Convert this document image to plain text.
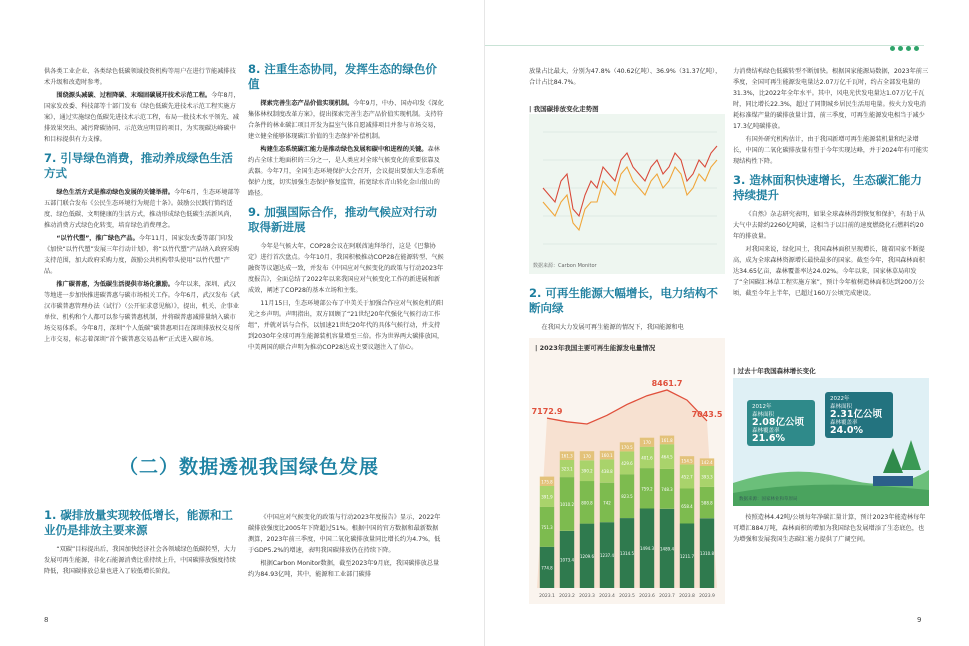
供各类工业企业、各类绿色低碳领域投资机构等用户在进行节能减排技术升级和改造时参考。

围绕源头减碳、过程降碳、末端固碳展开技术示范工程。今年8月，国家发改委、科技部等十部门发布《绿色低碳先进技术示范工程实施方案》，通过实施绿色低碳先进技术示范工程，布局一批技术水平领先、减排效果突出、减污降碳协同、示范效应明显的项目，为实现碳达峰碳中和目标提供有力支撑。

7. 引导绿色消费，推动养成绿色生活方式

绿色生活方式是推动绿色发展的关键举措。今年6月，生态环境部等五部门联合发布《公民生态环境行为规范十条》。鼓励公民践行简约适度、绿色低碳、文明健康的生活方式，推动形成绿色低碳生活新风尚，推动消费方式绿色化转变，培育绿色消费理念。

“以竹代塑”，推广绿色产品。今年11月，国家发改委等部门印发《加快“以竹代塑”发展三年行动计划》，将“以竹代塑”产品纳入政府采购支持范围，加大政府采购力度，鼓励公共机构带头使用“以竹代塑”产品。

推广碳普惠，为低碳生活提供市场化激励。今年以来，深圳、武汉等地进一步加快推进碳普惠与碳市场相关工作。今年6月，武汉发布《武汉市碳普惠管理办法（试行）（公开征求意见稿）》，提出，机关、企事业单位、机构和个人都可以参与碳普惠机制，并将碳普惠减排量纳入碳市场交易体系。今年8月，深圳“个人低碳”碳普惠项目在深圳排放权交易所上市交易，标志着深圳“首个碳普惠交易品种”正式进入碳市场。

8. 注重生态协同，发挥生态的绿色价值

探索完善生态产品价值实现机制。今年9月，中办、国办印发《深化集体林权制度改革方案》，提出探索完善生态产品价值实现机制。支持符合条件的林业碳汇项目开发为温室气体自愿减排项目并参与市场交易，建立健全能够体现碳汇价值的生态保护补偿机制。

构建生态系统碳汇能力是推动绿色发展和碳中和进程的关键。森林约占全球土地面积的三分之一，是人类应对全球气候变化的重要依靠及武器。今年7月，全国生态环境保护大会召开，会议提出要加大生态系统保护力度，切实加强生态保护修复监管，拓宽绿水青山转化金山银山的路径。

9. 加强国际合作，推动气候应对行动取得新进展

今年是气候大年，COP28会议在阿联酋迪拜举行，这是《巴黎协定》进行首次盘点。今年10月，我国积极推动COP28在能源转型、气候融资等议题达成一致，并发布《中国应对气候变化的政策与行动2023年度报告》，全面总结了2022年以来我国应对气候变化工作的新进展和新成效，阐述了COP28的基本立场和主张。

11月15日，生态环境部公布了中美关于加强合作应对气候危机的阳光之乡声明。声明指出，双方回顾了“21世纪20年代强化气候行动工作组”，并就对话与合作，以加速21世纪20年代的具体气候行动，并支持到2030年全球可再生能源装机容量增至三倍。作为世界两大碳排放国，中美两国的联合声明为推动COP28达成主要议题注入了信心。

（二）数据透视我国绿色发展
1. 碳排放量实现较低增长，能源和工业仍是排放主要来源

“双碳”目标提出后，我国加快经济社会各领域绿色低碳转型，大力发展可再生能源，非化石能源消费比重持续上升，中国碳排放强度持续降低，我国碳排放总量也进入了较低增长阶段。

《中国应对气候变化的政策与行动2023年度报告》显示，2022年碳排放强度比2005年下降超过51%。根据中国的官方数据和最新数据测算，2023年前三季度，中国二氧化碳排放量同比增长约为4.7%，低于GDP5.2%的增速，表明我国碳排放仍在持续下降。

根据Carbon Monitor数据，截至2023年9月底，我国碳排放总量约为84.93亿吨，其中，能源和工业部门碳排

8

放量占比最大，分别为47.8%（40.62亿吨）、36.9%（31.37亿吨），合计占比84.7%。

| 我国碳排放变化走势图
数据来源：Carbon Monitor
2. 可再生能源大幅增长，电力结构不断向绿

在我国大力发展可再生能源的情况下，我国能源和电

| 2023年我国主要可再生能源发电量情况
7172.9
8461.7
7043.5
774.8
751.3
391.9
175.8
2023.1
1073.4
1010.2
323.1
161.3
2023.2
1209.6
800.8
390.2
170
2023.3
1237.4
742
438.8
160.1
2023.4
1314.5
823.5
429.6
170.5
2023.5
1494.3
759.2
401.6
170
2023.6
1489.4
748.3
464.5
161.8
2023.7
1211.7
658.4
452.7
154.5
2023.8
1310.8
588.8
393.3
142.4
2023.9

力消费结构绿色低碳转型不断加快。根据国家能源局数据，2023年前三季度，全国可再生能源发电量达2.07万亿千瓦时，约占全部发电量的31.3%，比2022年全年水平。其中，风电光伏发电量达1.07万亿千瓦时，同比增长22.3%，超过了同期城乡居民生活用电量。按火力发电消耗标准煤产量的碳排放量计算，前三季度，可再生能源发电相当于减少17.3亿吨碳排放。

有国外研究机构估计，由于我国新增可再生能源装机量和纪录增长，中国的二氧化碳排放量有望于今年实现达峰，并于2024年有可能实现结构性下降。

3. 造林面积快速增长，生态碳汇能力持续提升

《自然》杂志研究表明，如果全球森林得到恢复和保护，有助于从大气中去除约2260亿吨碳，这相当于以目前的速度燃烧化石燃料约20年的排放量。

对我国来说，绿化国土，我国森林面积呈现增长，随着国家不断提高，成为全球森林资源增长最快最多的国家。截至今年，我国森林面积达34.65亿亩，森林覆盖率达24.02%。今年以来，国家林草局印发了“全国碳汇林草工程实施方案”，预计今年植树造林面积达到200万公顷，截至今年上半年，已超过160万公顷完成建设。

| 过去十年我国森林增长变化
2012年
森林面积
2.08亿公顷
森林覆盖率
21.6%
2022年
森林面积
2.31亿公顷
森林覆盖率
24.0%
数据来源：国家林业和草原局

按照造林4.42吨/公顷每年净碳汇量计算，预计2023年能造林每年可增汇884万吨，森林面积的增加为我国绿色发展增添了生态底色，也为增强和发展我国生态碳汇能力提供了广阔空间。

9
